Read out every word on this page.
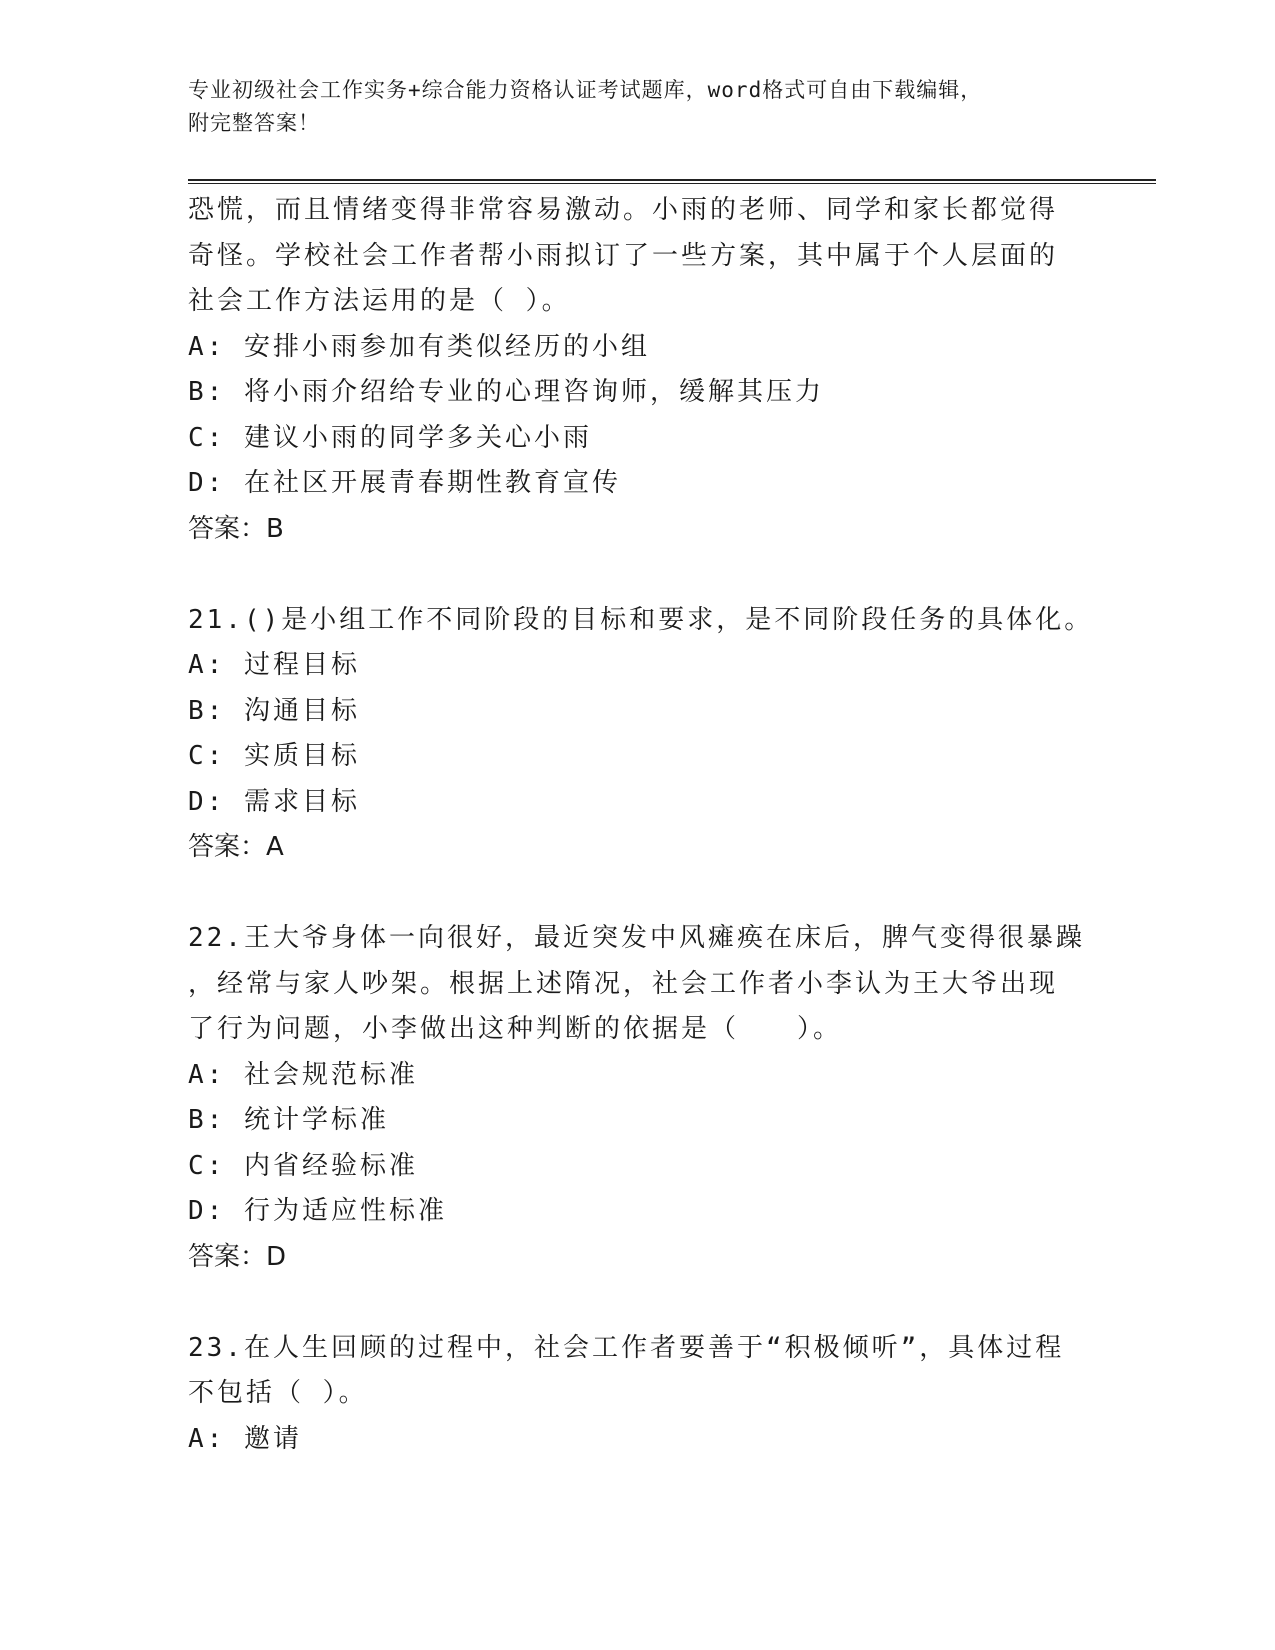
专业初级社会工作实务+综合能力资格认证考试题库，word格式可自由下载编辑，
附完整答案！
恐慌，而且情绪变得非常容易激动。小雨的老师、同学和家长都觉得
奇怪。学校社会工作者帮小雨拟订了一些方案，其中属于个人层面的
社会工作方法运用的是（ ）。
A: 安排小雨参加有类似经历的小组
B: 将小雨介绍给专业的心理咨询师，缓解其压力
C: 建议小雨的同学多关心小雨
D: 在社区开展青春期性教育宣传
答案：B
21.()是小组工作不同阶段的目标和要求，是不同阶段任务的具体化。
A: 过程目标
B: 沟通目标
C: 实质目标
D: 需求目标
答案：A
22.王大爷身体一向很好，最近突发中风瘫痪在床后，脾气变得很暴躁
，经常与家人吵架。根据上述隋况，社会工作者小李认为王大爷出现
了行为问题，小李做出这种判断的依据是（　　）。
A: 社会规范标准
B: 统计学标准
C: 内省经验标准
D: 行为适应性标准
答案：D
23.在人生回顾的过程中，社会工作者要善于“积极倾听”，具体过程
不包括（ ）。
A: 邀请
